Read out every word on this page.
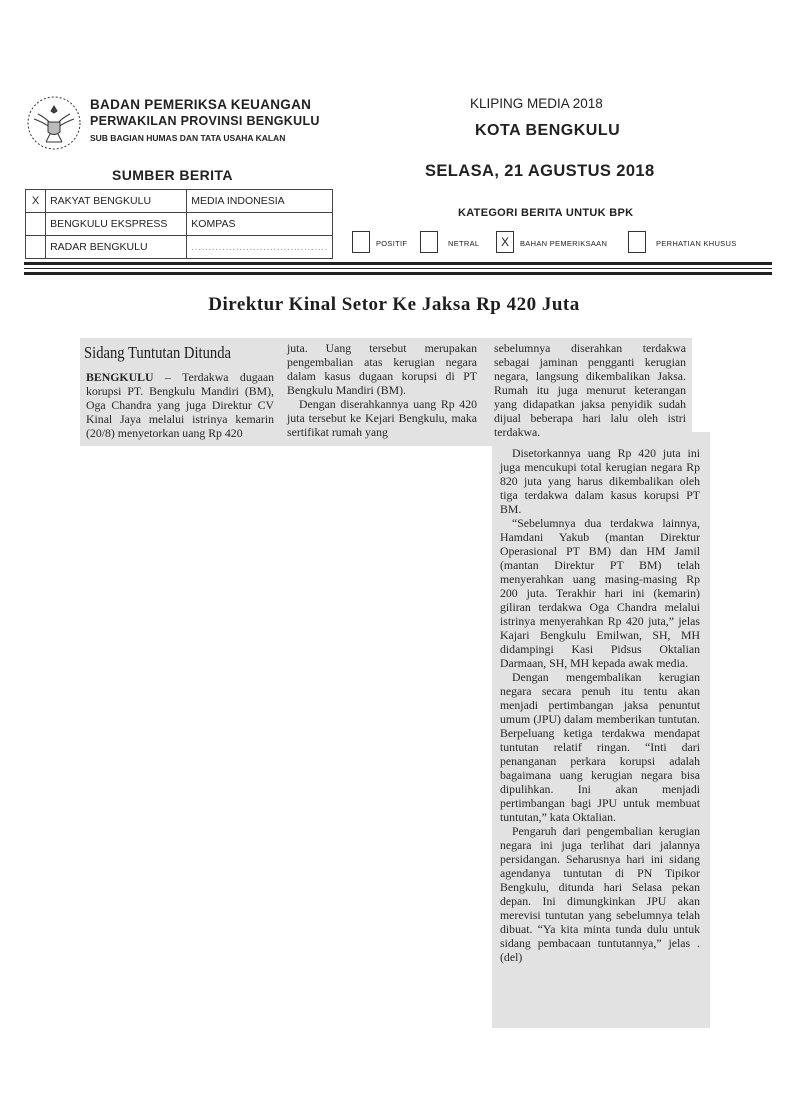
BADAN PEMERIKSA KEUANGAN
PERWAKILAN PROVINSI BENGKULU
SUB BAGIAN HUMAS DAN TATA USAHA KALAN
KLIPING MEDIA 2018
KOTA BENGKULU
SUMBER BERITA	SELASA, 21 AGUSTUS 2018
X	RAKYAT BENGKULU	MEDIA INDONESIA
	BENGKULU EKSPRESS	KOMPAS
	RADAR BENGKULU	........................................
KATEGORI BERITA UNTUK BPK
POSITIF	NETRAL	X	BAHAN PEMERIKSAAN	PERHATIAN KHUSUS
Direktur Kinal Setor Ke Jaksa Rp 420 Juta
Sidang Tuntutan Ditunda

BENGKULU – Terdakwa dugaan korupsi PT. Bengkulu Mandiri (BM), Oga Chandra yang juga Direktur CV Kinal Jaya melalui istrinya kemarin (20/8) menyetorkan uang Rp 420

juta. Uang tersebut merupakan pengembalian atas kerugian negara dalam kasus dugaan korupsi di PT Bengkulu Mandiri (BM).

Dengan diserahkannya uang Rp 420 juta tersebut ke Kejari Bengkulu, maka sertifikat rumah yang

sebelumnya diserahkan terdakwa sebagai jaminan pengganti kerugian negara, langsung dikembalikan Jaksa. Rumah itu juga menurut keterangan yang didapatkan jaksa penyidik sudah dijual beberapa hari lalu oleh istri terdakwa.

Disetorkannya uang Rp 420 juta ini juga mencukupi total kerugian negara Rp 820 juta yang harus dikembalikan oleh tiga terdakwa dalam kasus korupsi PT BM.

“Sebelumnya dua terdakwa lainnya, Hamdani Yakub (mantan Direktur Operasional PT BM) dan HM Jamil (mantan Direktur PT BM) telah menyerahkan uang masing-masing Rp 200 juta. Terakhir hari ini (kemarin) giliran terdakwa Oga Chandra melalui istrinya menyerahkan Rp 420 juta,” jelas Kajari Bengkulu Emilwan, SH, MH didampingi Kasi Pidsus Oktalian Darmaan, SH, MH kepada awak media.

Dengan mengembalikan kerugian negara secara penuh itu tentu akan menjadi pertimbangan jaksa penuntut umum (JPU) dalam memberikan tuntutan. Berpeluang ketiga terdakwa mendapat tuntutan relatif ringan. “Inti dari penanganan perkara korupsi adalah bagaimana uang kerugian negara bisa dipulihkan. Ini akan menjadi pertimbangan bagi JPU untuk membuat tuntutan,” kata Oktalian.

Pengaruh dari pengembalian kerugian negara ini juga terlihat dari jalannya persidangan. Seharusnya hari ini sidang agendanya tuntutan di PN Tipikor Bengkulu, ditunda hari Selasa pekan depan. Ini dimungkinkan JPU akan merevisi tuntutan yang sebelumnya telah dibuat. “Ya kita minta tunda dulu untuk sidang pembacaan tuntutannya,” jelas . (del)
